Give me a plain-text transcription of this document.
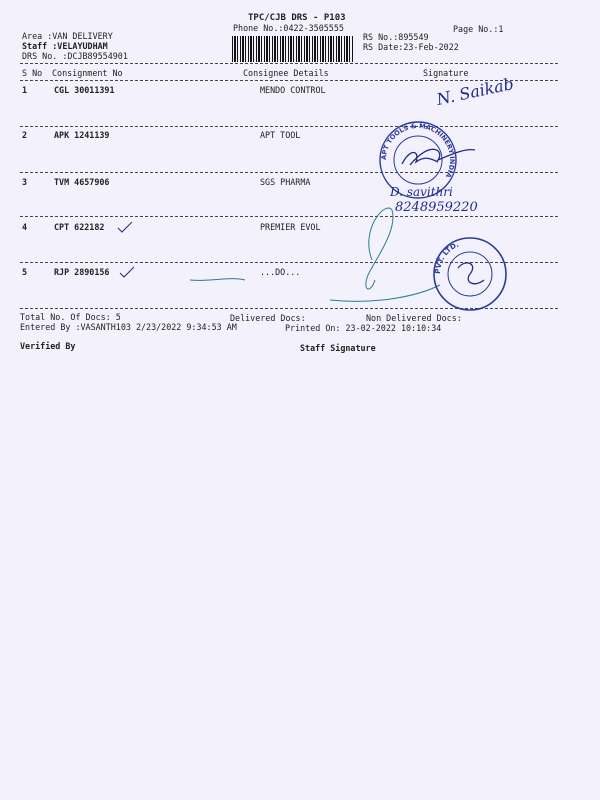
TPC/CJB DRS - P103
Phone No.:0422-3505555	Page No.:1
Area :VAN DELIVERY
Staff :VELAYUDHAM
DRS No. :DCJB89554901
RS No.:895549
RS Date:23-Feb-2022
S No Consignment No	Consignee Details	Signature
1	CGL 30011391	MENDO CONTROL
2	APK 1241139	APT TOOL
3	TVM 4657906	SGS PHARMA
4	CPT 622182	PREMIER EVOL
5	RJP 2890156	...DO...
Total No. Of Docs: 5	Delivered Docs:	Non Delivered Docs:
Entered By :VASANTH103 2/23/2022 9:34:53 AM	Printed On: 23-02-2022 10:10:34
Verified By	Staff Signature
N. Saikab
APT TOOLS & MACHINERY INDIA
D. savithri
8248959220
PVT. LTD.
